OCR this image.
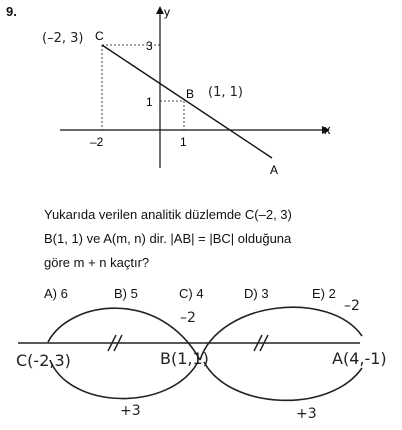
9.
x
y
–2	1
3
1
C
B
A
(–2, 3)
(1, 1)
C(-2,3)	B(1,1)	A(4,-1)
–2
–2
+3	+3
Yukarıda verilen analitik düzlemde C(–2, 3)
B(1, 1) ve A(m, n) dir. |AB| = |BC| olduğuna
göre m + n kaçtır?
A) 6	B) 5	C) 4	D) 3	E) 2
